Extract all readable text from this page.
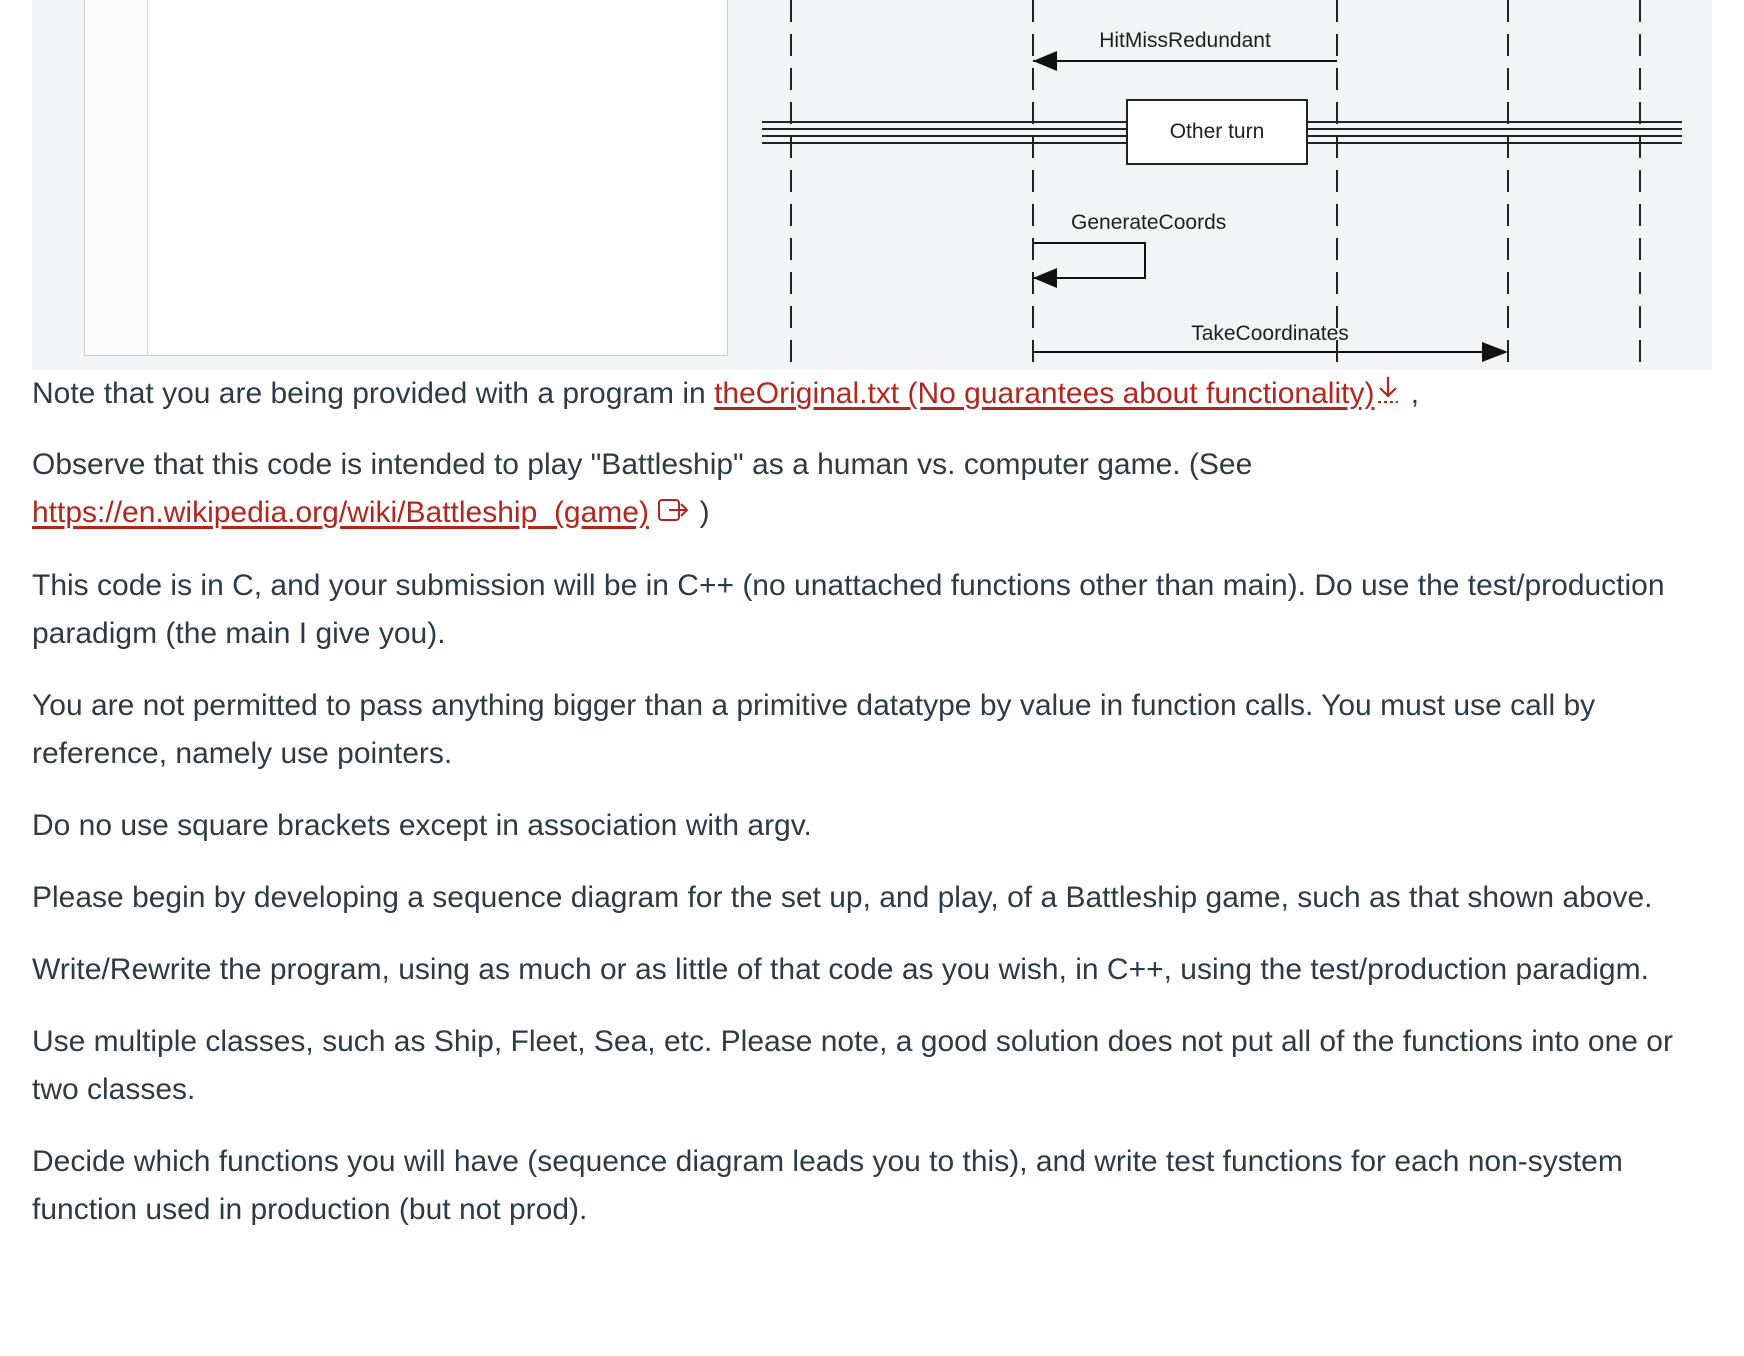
Other turn
HitMissRedundant
GenerateCoords
TakeCoordinates

Note that you are being provided with a program in theOriginal.txt (No guarantees about functionality) ,

Observe that this code is intended to play "Battleship" as a human vs. computer game. (See
https://en.wikipedia.org/wiki/Battleship_(game)  )

This code is in C, and your submission will be in C++ (no unattached functions other than main). Do use the test/production paradigm (the main I give you).

You are not permitted to pass anything bigger than a primitive datatype by value in function calls. You must use call by reference, namely use pointers.

Do no use square brackets except in association with argv.

Please begin by developing a sequence diagram for the set up, and play, of a Battleship game, such as that shown above.

Write/Rewrite the program, using as much or as little of that code as you wish, in C++, using the test/production paradigm.

Use multiple classes, such as Ship, Fleet, Sea, etc. Please note, a good solution does not put all of the functions into one or two classes.

Decide which functions you will have (sequence diagram leads you to this), and write test functions for each non-system function used in production (but not prod).
